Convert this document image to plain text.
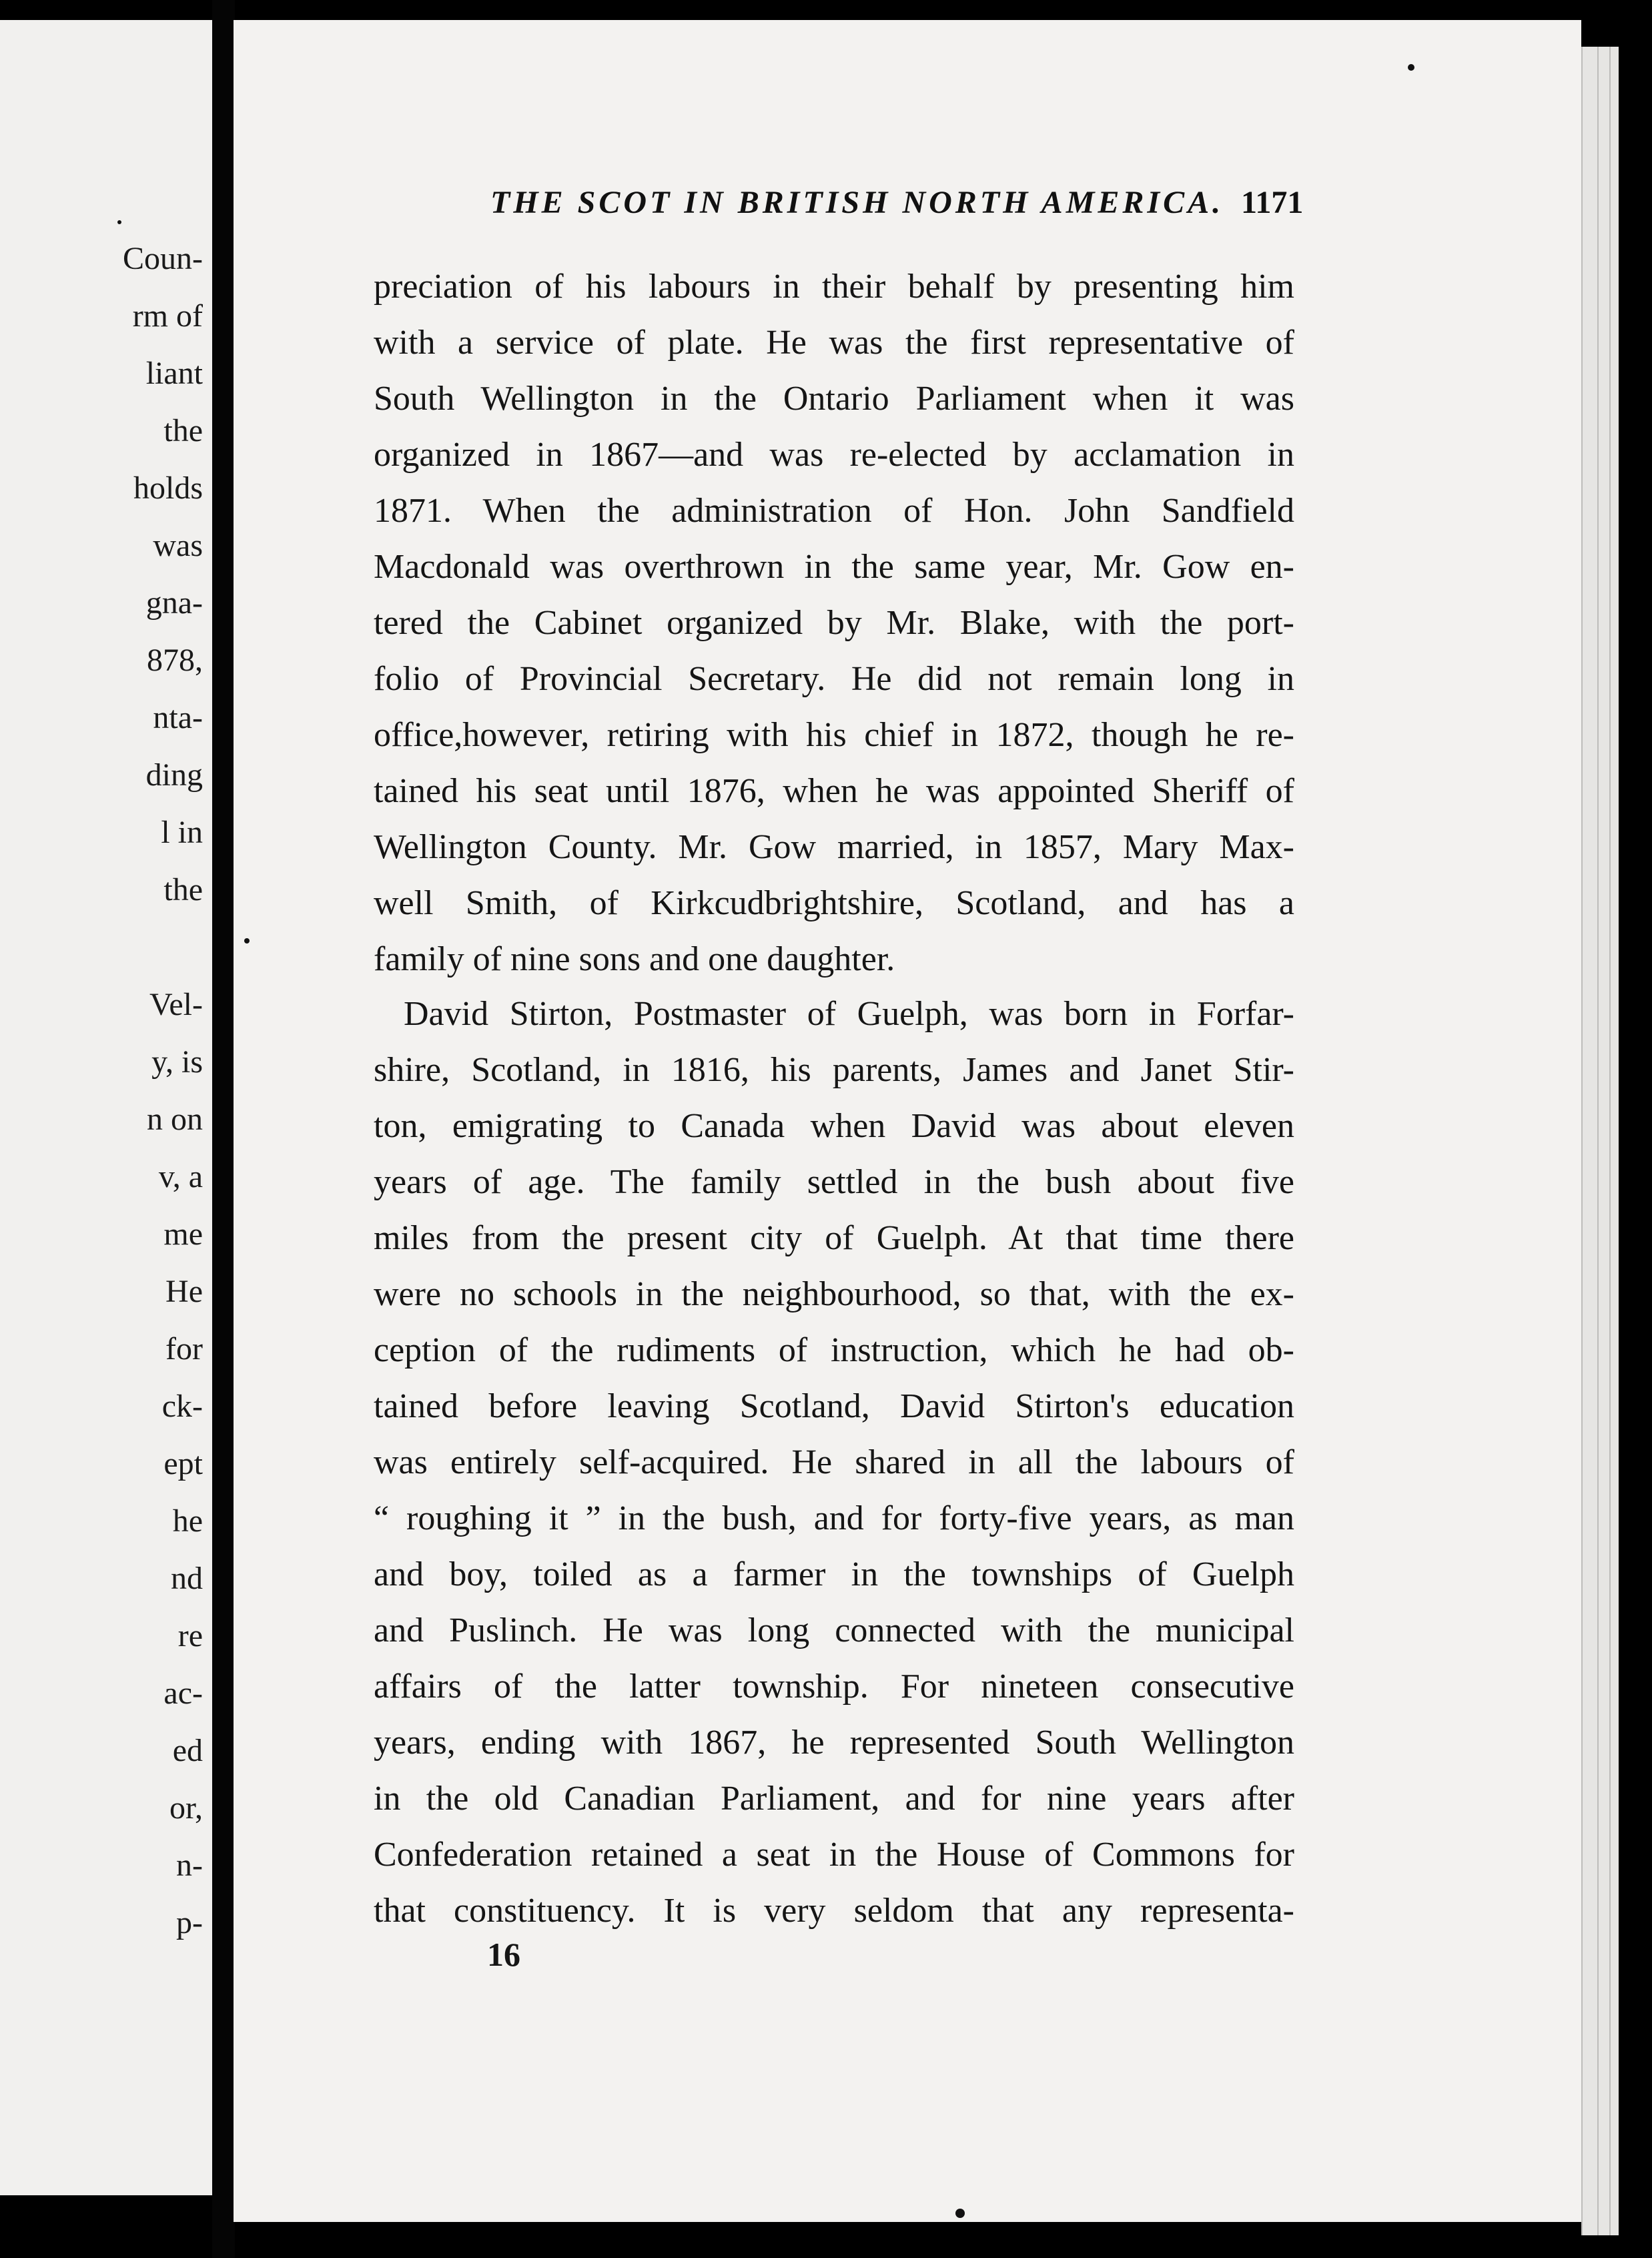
Coun-
rm of
liant
the
holds
was
gna-
878,
nta-
ding
l in
the
Vel-
y, is
n on
v, a
me
He
for
ck-
ept
he
nd
re
ac-
ed
or,
n-
p-
THE SCOT IN BRITISH NORTH AMERICA. 1171
preciation of his labours in their behalf by presenting him
with a service of plate. He was the first representative of
South Wellington in the Ontario Parliament when it was
organized in 1867—and was re-elected by acclamation in
1871. When the administration of Hon. John Sandfield
Macdonald was overthrown in the same year, Mr. Gow en-
tered the Cabinet organized by Mr. Blake, with the port-
folio of Provincial Secretary. He did not remain long in
office,however, retiring with his chief in 1872, though he re-
tained his seat until 1876, when he was appointed Sheriff of
Wellington County. Mr. Gow married, in 1857, Mary Max-
well Smith, of Kirkcudbrightshire, Scotland, and has a
family of nine sons and one daughter.
David Stirton, Postmaster of Guelph, was born in Forfar-
shire, Scotland, in 1816, his parents, James and Janet Stir-
ton, emigrating to Canada when David was about eleven
years of age. The family settled in the bush about five
miles from the present city of Guelph. At that time there
were no schools in the neighbourhood, so that, with the ex-
ception of the rudiments of instruction, which he had ob-
tained before leaving Scotland, David Stirton's education
was entirely self-acquired. He shared in all the labours of
“ roughing it ” in the bush, and for forty-five years, as man
and boy, toiled as a farmer in the townships of Guelph
and Puslinch. He was long connected with the municipal
affairs of the latter township. For nineteen consecutive
years, ending with 1867, he represented South Wellington
in the old Canadian Parliament, and for nine years after
Confederation retained a seat in the House of Commons for
that constituency. It is very seldom that any representa-
16
